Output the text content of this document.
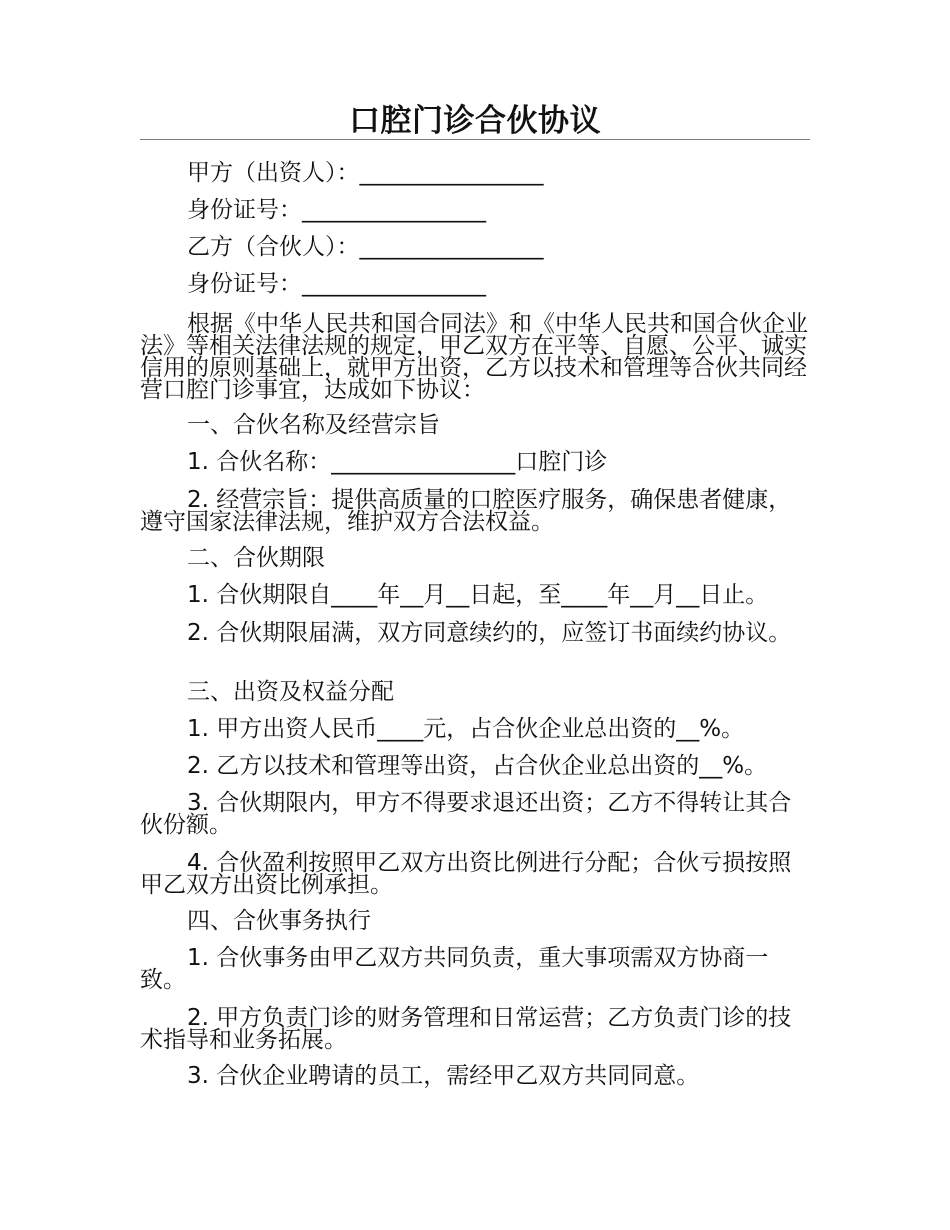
口腔门诊合伙协议
甲方（出资人）：________________
身份证号：________________
乙方（合伙人）：________________
身份证号：________________
根据《中华人民共和国合同法》和《中华人民共和国合伙企业法》等相关法律法规的规定，甲乙双方在平等、自愿、公平、诚实信用的原则基础上，就甲方出资，乙方以技术和管理等合伙共同经营口腔门诊事宜，达成如下协议：
一、合伙名称及经营宗旨
1. 合伙名称：________________口腔门诊
2. 经营宗旨：提供高质量的口腔医疗服务，确保患者健康，遵守国家法律法规，维护双方合法权益。
二、合伙期限
1. 合伙期限自____年__月__日起，至____年__月__日止。
2. 合伙期限届满，双方同意续约的，应签订书面续约协议。
三、出资及权益分配
1. 甲方出资人民币____元，占合伙企业总出资的__%。
2. 乙方以技术和管理等出资，占合伙企业总出资的__%。
3. 合伙期限内，甲方不得要求退还出资；乙方不得转让其合伙份额。
4. 合伙盈利按照甲乙双方出资比例进行分配；合伙亏损按照甲乙双方出资比例承担。
四、合伙事务执行
1. 合伙事务由甲乙双方共同负责，重大事项需双方协商一致。
2. 甲方负责门诊的财务管理和日常运营；乙方负责门诊的技术指导和业务拓展。
3. 合伙企业聘请的员工，需经甲乙双方共同同意。
